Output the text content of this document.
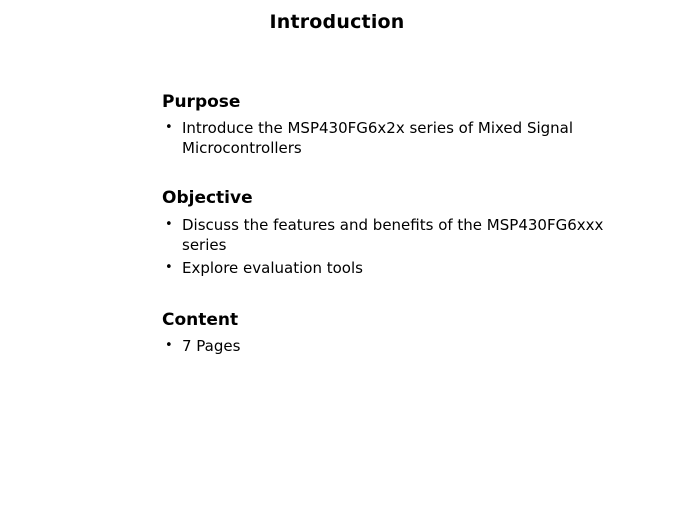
Introduction
Purpose
• Introduce the MSP430FG6x2x series of Mixed Signal Microcontrollers
Objective
• Discuss the features and benefits of the MSP430FG6xxx series
• Explore evaluation tools
Content
• 7 Pages
